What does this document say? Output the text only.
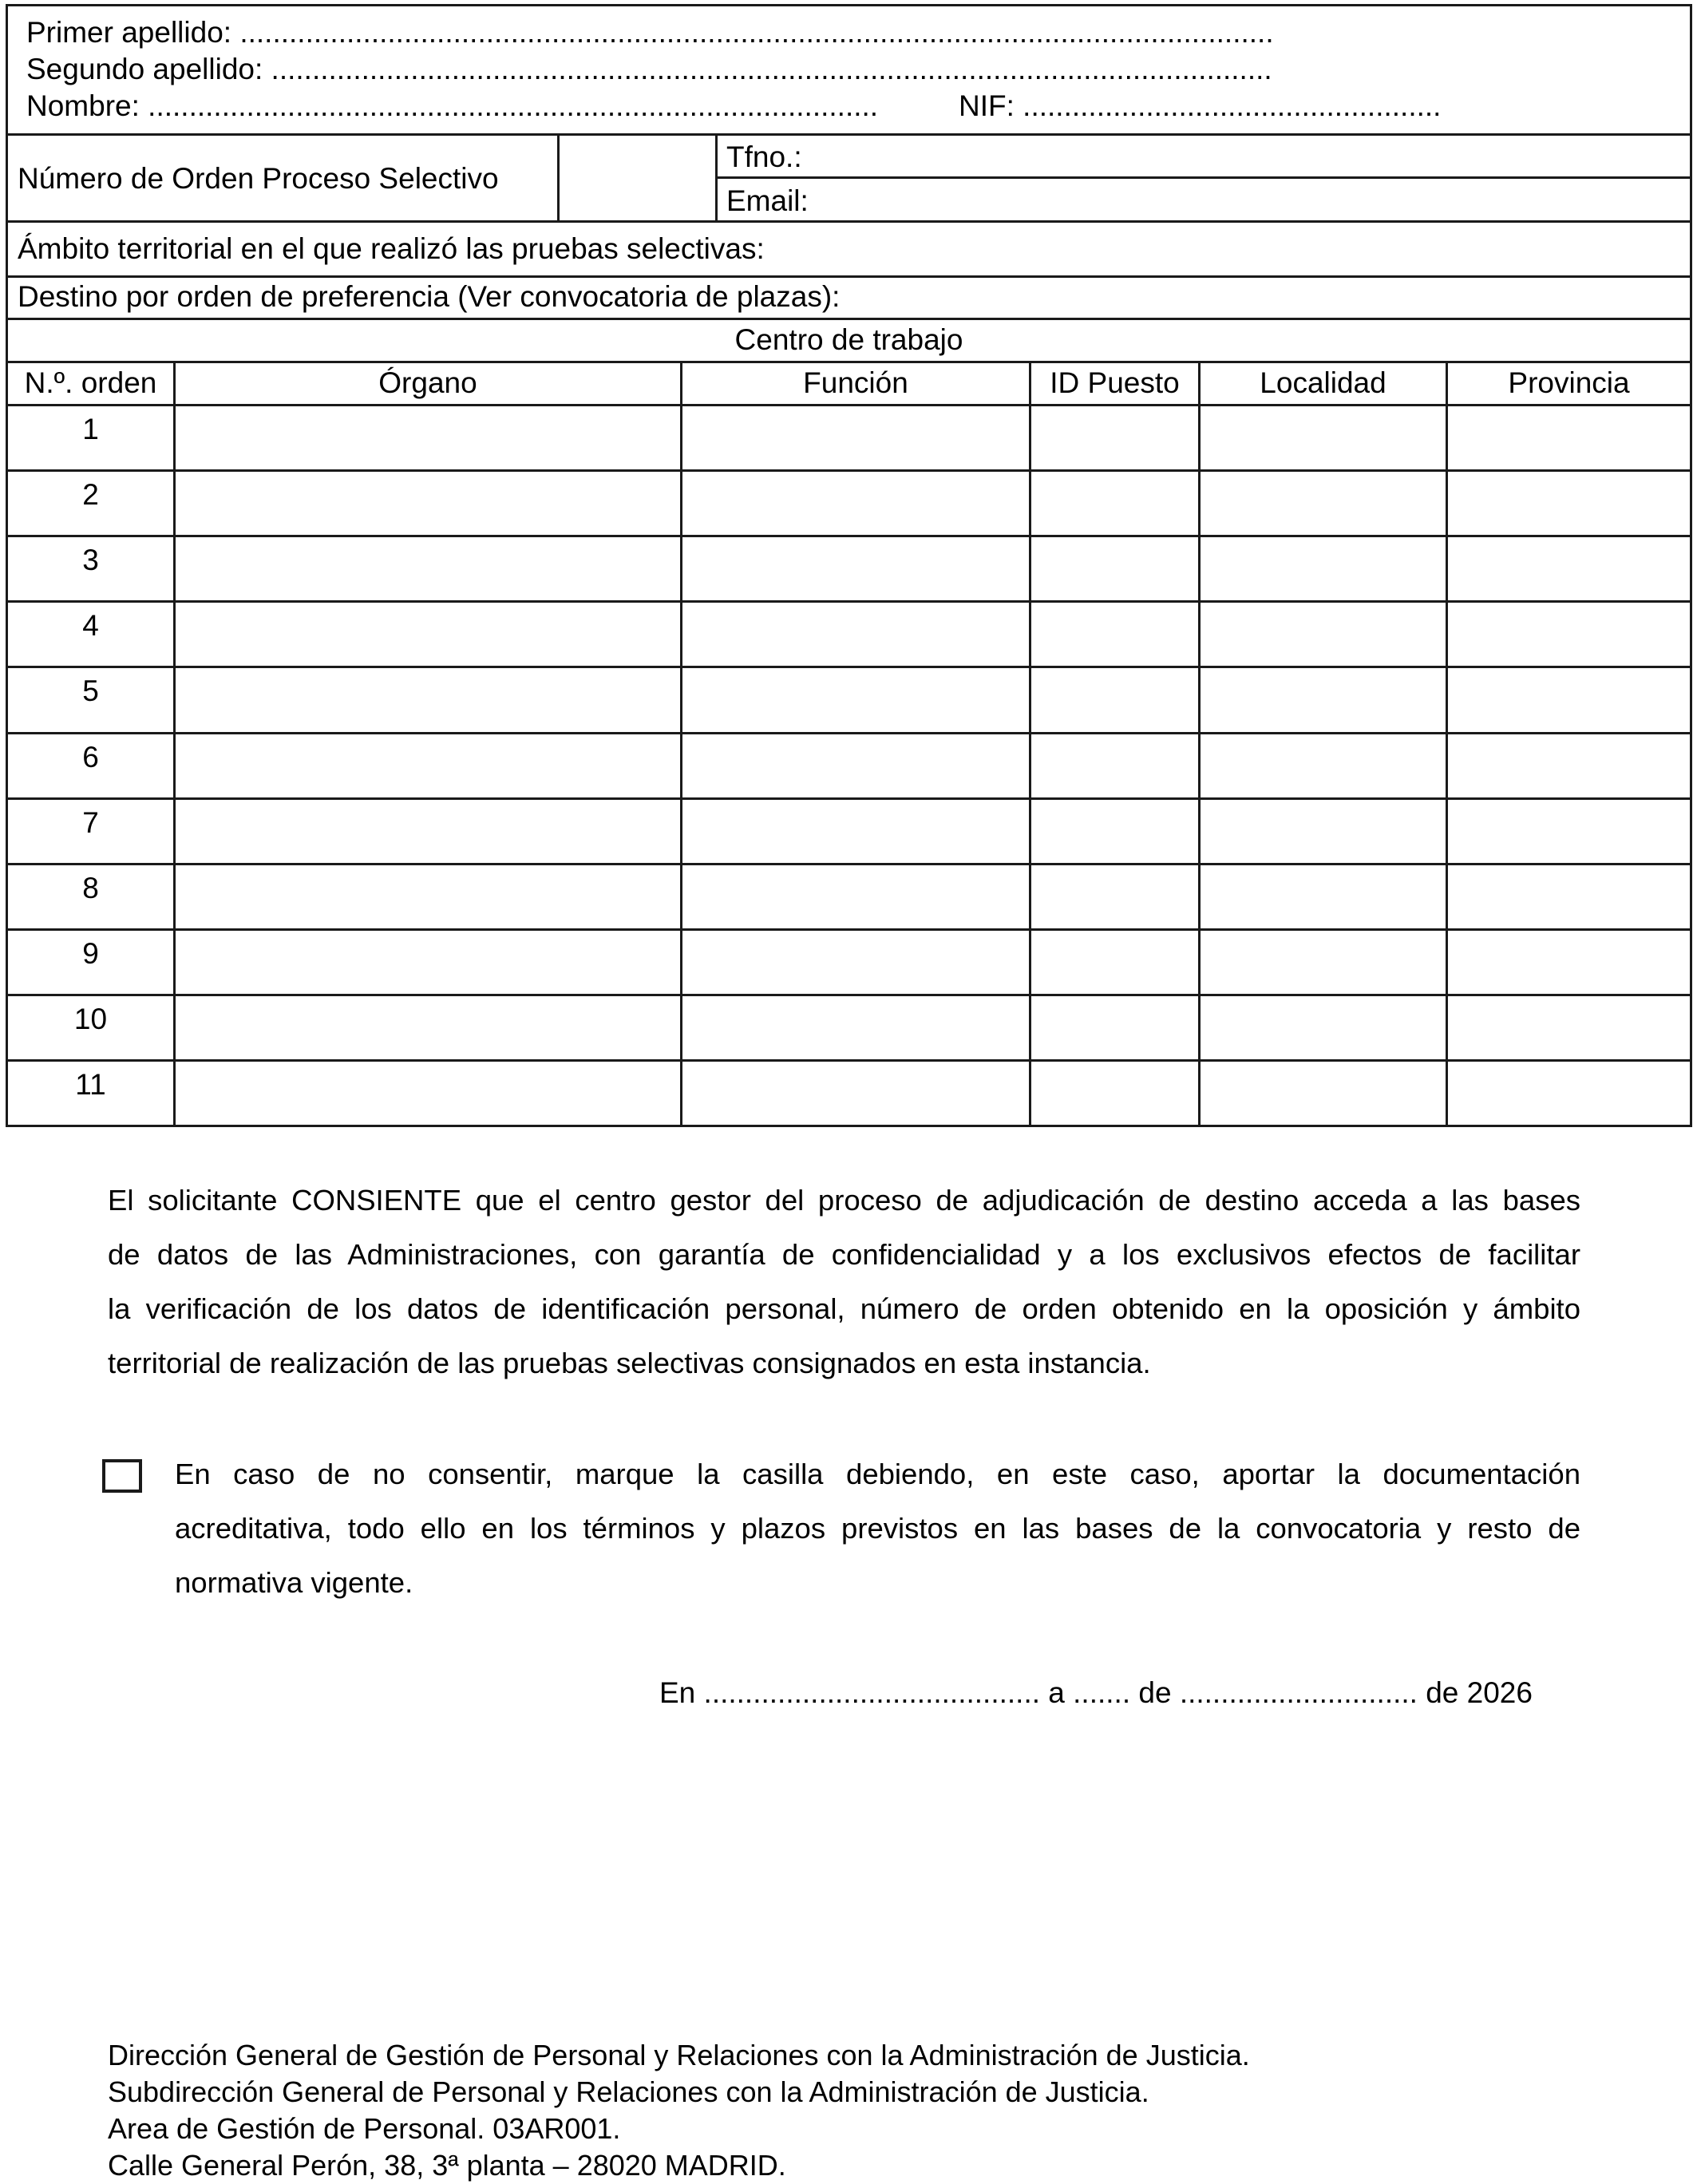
Primer apellido: ..............................................................................................................................
Segundo apellido: ..........................................................................................................................
Nombre: .........................................................................................	NIF: ...................................................
Número de Orden Proceso Selectivo
Tfno.:
Email:
Ámbito territorial en el que realizó las pruebas selectivas:
Destino por orden de preferencia (Ver convocatoria de plazas):
Centro de trabajo
N.º. orden	Órgano	Función	ID Puesto	Localidad	Provincia
1
2
3
4
5
6
7
8
9
10
11
El solicitante CONSIENTE que el centro gestor del proceso de adjudicación de destino acceda a las bases
de datos de las Administraciones, con garantía de confidencialidad y a los exclusivos efectos de facilitar
la verificación de los datos de identificación personal, número de orden obtenido en la oposición y ámbito
territorial de realización de las pruebas selectivas consignados en esta instancia.
En caso de no consentir, marque la casilla debiendo, en este caso, aportar la documentación
acreditativa, todo ello en los términos y plazos previstos en las bases de la convocatoria y resto de
normativa vigente.
En ......................................... a ....... de ............................. de 2026
Dirección General de Gestión de Personal y Relaciones con la Administración de Justicia.
Subdirección General de Personal y Relaciones con la Administración de Justicia.
Area de Gestión de Personal. 03AR001.
Calle General Perón, 38, 3ª planta – 28020 MADRID.
